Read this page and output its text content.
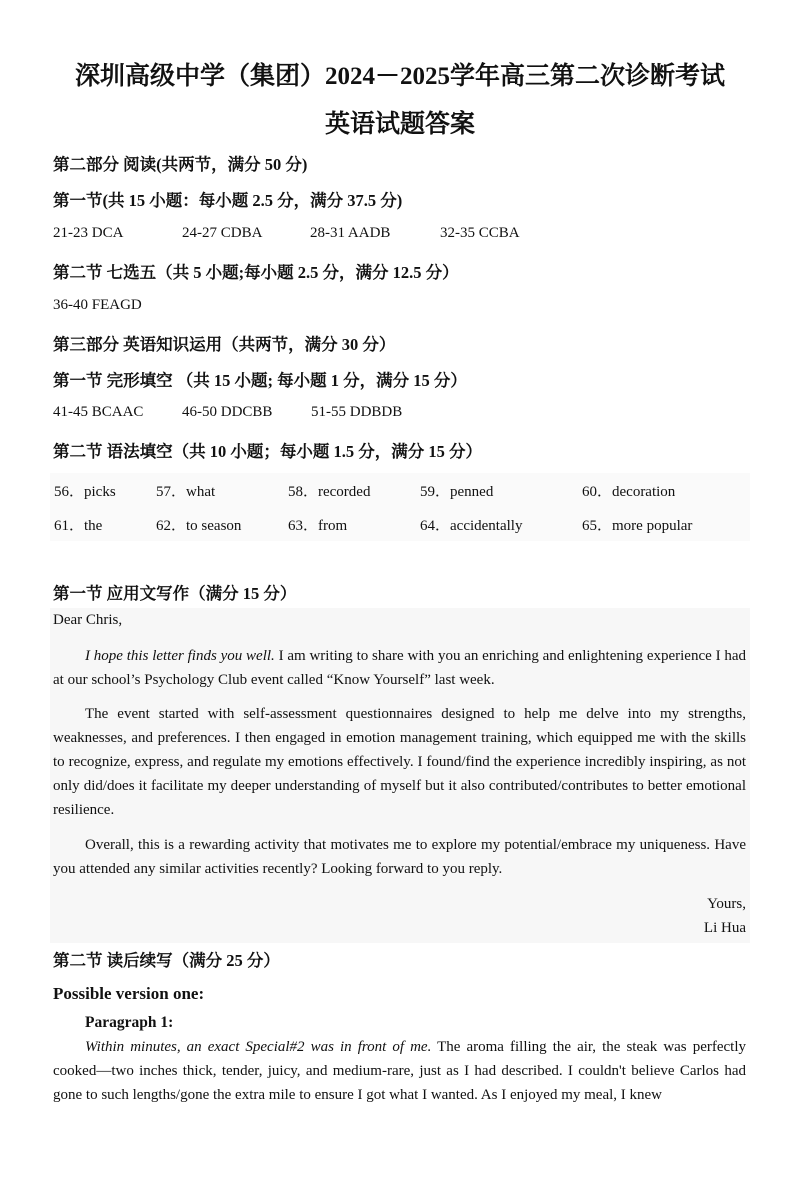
深圳高级中学（集团）2024－2025学年高三第二次诊断考试
英语试题答案
第二部分 阅读(共两节，满分 50 分)
第一节(共 15 小题：每小题 2.5 分，满分 37.5 分)
21-23 DCA	24-27 CDBA	28-31 AADB	32-35 CCBA
第二节 七选五（共 5 小题;每小题 2.5 分，满分 12.5 分）
36-40 FEAGD
第三部分 英语知识运用（共两节，满分 30 分）
第一节 完形填空 （共 15 小题; 每小题 1 分，满分 15 分）
41-45 BCAAC	46-50 DDCBB	51-55 DDBDB
第二节 语法填空（共 10 小题；每小题 1.5 分，满分 15 分）
56．picks	57．what	58．recorded	59．penned	60．decoration
61．the	62．to season	63．from	64．accidentally	65．more popular
第一节 应用文写作（满分 15 分）
Dear Chris,
I hope this letter finds you well. I am writing to share with you an enriching and enlightening experience I had at our school’s Psychology Club event called “Know Yourself” last week.
The event started with self-assessment questionnaires designed to help me delve into my strengths, weaknesses, and preferences. I then engaged in emotion management training, which equipped me with the skills to recognize, express, and regulate my emotions effectively. I found/find the experience incredibly inspiring, as not only did/does it facilitate my deeper understanding of myself but it also contributed/contributes to better emotional resilience.
Overall, this is a rewarding activity that motivates me to explore my potential/embrace my uniqueness. Have you attended any similar activities recently? Looking forward to you reply.
Yours,
Li Hua
第二节 读后续写（满分 25 分）
Possible version one:
Paragraph 1:
Within minutes, an exact Special#2 was in front of me. The aroma filling the air, the steak was perfectly cooked—two inches thick, tender, juicy, and medium-rare, just as I had described. I couldn't believe Carlos had gone to such lengths/gone the extra mile to ensure I got what I wanted. As I enjoyed my meal, I knew
